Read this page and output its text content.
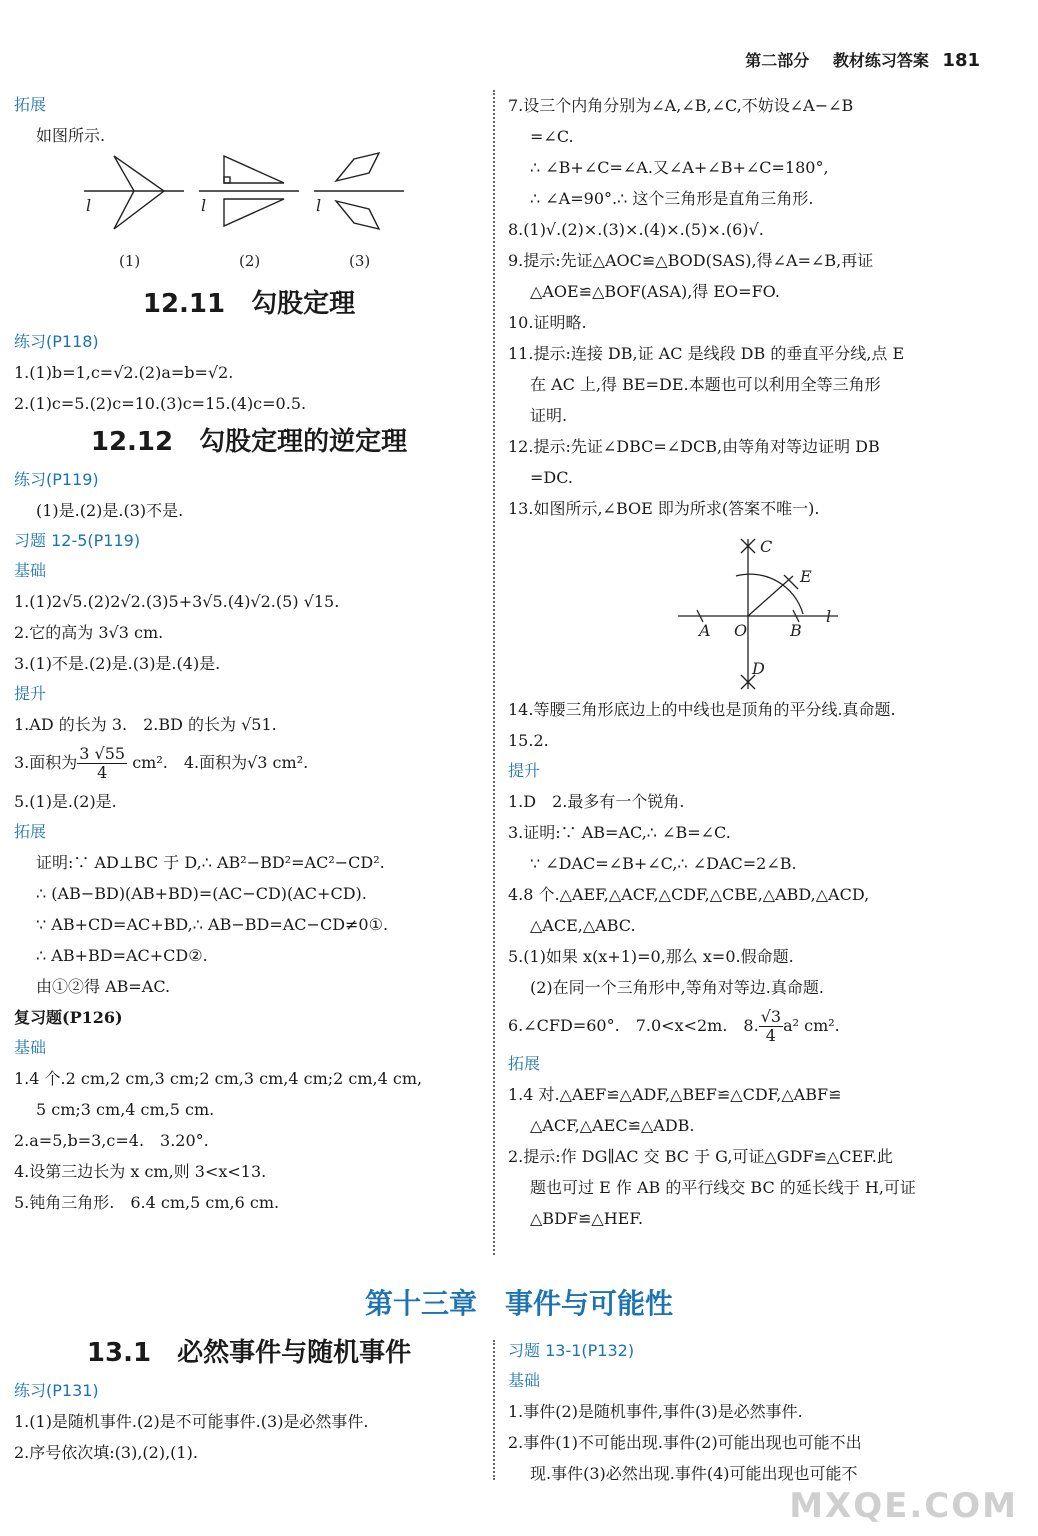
第二部分 教材练习答案 181
拓展
如图所示.
l	l	l
(1)	(2)	(3)
12.11　勾股定理
练习(P118)
1.(1)b=1,c=√2.(2)a=b=√2.
2.(1)c=5.(2)c=10.(3)c=15.(4)c=0.5.
12.12　勾股定理的逆定理
练习(P119)
(1)是.(2)是.(3)不是.
习题 12-5(P119)
基础
1.(1)2√5.(2)2√2.(3)5+3√5.(4)√2.(5) √15.
2.它的高为 3√3 cm.
3.(1)不是.(2)是.(3)是.(4)是.
提升
1.AD 的长为 3.　2.BD 的长为 √51.
3.面积为 $\frac{3 √55}{4} cm^2$.　4.面积为√3 cm².
5.(1)是.(2)是.
拓展
证明:∵ AD⊥BC 于 D,∴ AB²−BD²=AC²−CD².
∴ (AB−BD)(AB+BD)=(AC−CD)(AC+CD).
∵ AB+CD=AC+BD,∴ AB−BD=AC−CD≠0①.
∴ AB+BD=AC+CD②.
由①②得 AB=AC.
复习题(P126)
基础
1.4 个.2 cm,2 cm,3 cm;2 cm,3 cm,4 cm;2 cm,4 cm,
5 cm;3 cm,4 cm,5 cm.
2.a=5,b=3,c=4.　3.20°.
4.设第三边长为 x cm,则 3<x<13.
5.钝角三角形.　6.4 cm,5 cm,6 cm.
7.设三个内角分别为∠A,∠B,∠C,不妨设∠A−∠B
=∠C.
∴ ∠B+∠C=∠A.又∠A+∠B+∠C=180°,
∴ ∠A=90°.∴ 这个三角形是直角三角形.
8.(1)√.(2)×.(3)×.(4)×.(5)×.(6)√.
9.提示:先证△AOC≌△BOD(SAS),得∠A=∠B,再证
△AOE≌△BOF(ASA),得 EO=FO.
10.证明略.
11.提示:连接 DB,证 AC 是线段 DB 的垂直平分线,点 E
在 AC 上,得 BE=DE.本题也可以利用全等三角形
证明.
12.提示:先证∠DBC=∠DCB,由等角对等边证明 DB
=DC.
13.如图所示,∠BOE 即为所求(答案不唯一).
C
E
A O	B
D
l
14.等腰三角形底边上的中线也是顶角的平分线.真命题.
15.2.
提升
1.D　2.最多有一个锐角.
3.证明:∵ AB=AC,∴ ∠B=∠C.
∵ ∠DAC=∠B+∠C,∴ ∠DAC=2∠B.
4.8 个.△AEF,△ACF,△CDF,△CBE,△ABD,△ACD,
△ACE,△ABC.
5.(1)如果 x(x+1)=0,那么 x=0.假命题.
(2)在同一个三角形中,等角对等边.真命题.
6.∠CFD=60°.　7.0<x<2m.　8. $\frac{√3}{4} a^2$ cm².
拓展
1.4 对.△AEF≌△ADF,△BEF≌△CDF,△ABF≌
△ACF,△AEC≌△ADB.
2.提示:作 DG∥AC 交 BC 于 G,可证△GDF≌△CEF.此
题也可过 E 作 AB 的平行线交 BC 的延长线于 H,可证
△BDF≌△HEF.
第十三章　事件与可能性
13.1　必然事件与随机事件
练习(P131)
1.(1)是随机事件.(2)是不可能事件.(3)是必然事件.
2.序号依次填:(3),(2),(1).
习题 13-1(P132)
基础
1.事件(2)是随机事件,事件(3)是必然事件.
2.事件(1)不可能出现.事件(2)可能出现也可能不出
现.事件(3)必然出现.事件(4)可能出现也可能不
MXQE.COM
